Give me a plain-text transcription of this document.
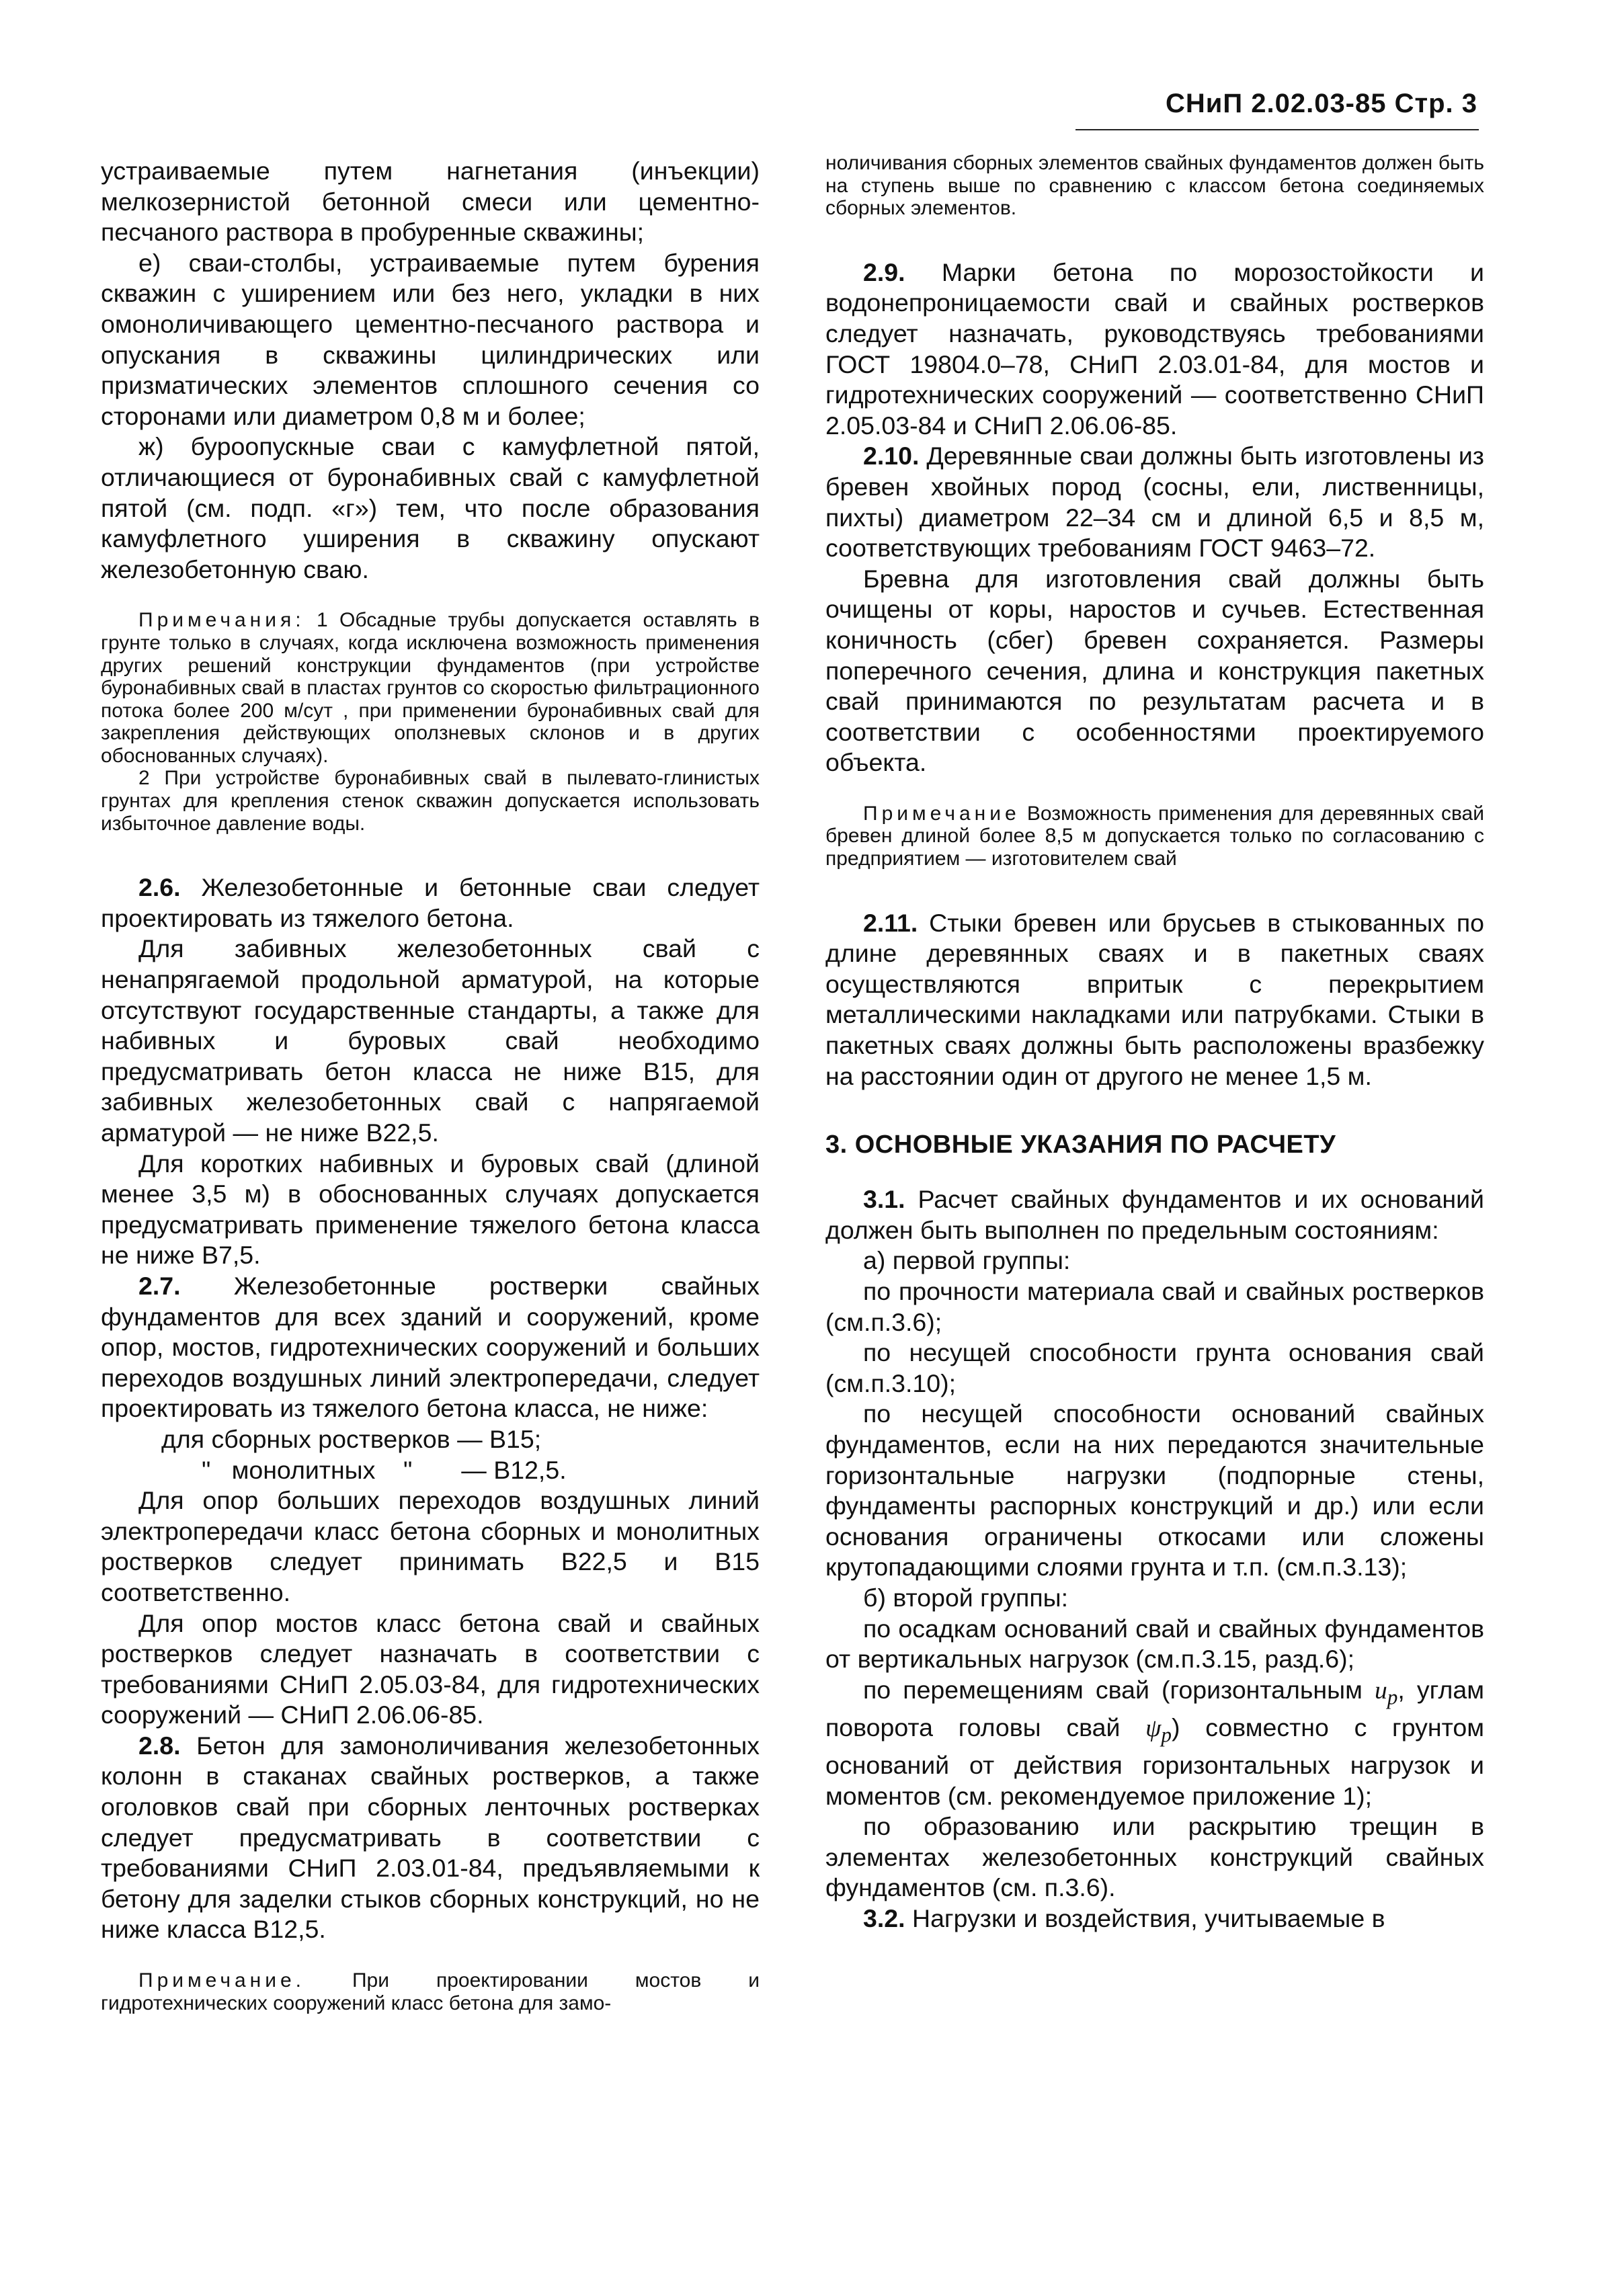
СНиП 2.02.03-85 Стр. 3

устраиваемые путем нагнетания (инъекции) мелкозернистой бетонной смеси или цементно-песчаного раствора в пробуренные скважины;

е) сваи-столбы, устраиваемые путем бурения скважин с уширением или без него, укладки в них омоноличивающего цементно-песчаного раствора и опускания в скважины цилиндрических или призматических элементов сплошного сечения со сторонами или диаметром 0,8 м и более;

ж) буроопускные сваи с камуфлетной пятой, отличающиеся от буронабивных свай с камуфлетной пятой (см. подп. «г») тем, что после образования камуфлетного уширения в скважину опускают железобетонную сваю.

Примечания: 1 Обсадные трубы допускается оставлять в грунте только в случаях, когда исключена возможность применения других решений конструкции фундаментов (при устройстве буронабивных свай в пластах грунтов со скоростью фильтрационного потока более 200 м/сут , при применении буронабивных свай для закрепления действующих оползневых склонов и в других обоснованных случаях).

2 При устройстве буронабивных свай в пылевато-глинистых грунтах для крепления стенок скважин допускается использовать избыточное давление воды.

2.6. Железобетонные и бетонные сваи следует проектировать из тяжелого бетона.

Для забивных железобетонных свай с ненапрягаемой продольной арматурой, на которые отсутствуют государственные стандарты, а также для набивных и буровых свай необходимо предусматривать бетон класса не ниже В15, для забивных железобетонных свай с напрягаемой арматурой — не ниже В22,5.

Для коротких набивных и буровых свай (длиной менее 3,5 м) в обоснованных случаях допускается предусматривать применение тяжелого бетона класса не ниже В7,5.

2.7. Железобетонные ростверки свайных фундаментов для всех зданий и сооружений, кроме опор, мостов, гидротехнических сооружений и больших переходов воздушных линий электропередачи, следует проектировать из тяжелого бетона класса, не ниже:

для сборных ростверков — В15;

"   монолитных    "       — В12,5.

Для опор больших переходов воздушных линий электропередачи класс бетона сборных и монолитных ростверков следует принимать В22,5 и В15 соответственно.

Для опор мостов класс бетона свай и свайных ростверков следует назначать в соответствии с требованиями СНиП 2.05.03-84, для гидротехнических сооружений — СНиП 2.06.06-85.

2.8. Бетон для замоноличивания железобетонных колонн в стаканах свайных ростверков, а также оголовков свай при сборных ленточных ростверках следует предусматривать в соответствии с требованиями СНиП 2.03.01-84, предъявляемыми к бетону для заделки стыков сборных конструкций, но не ниже класса В12,5.

Примечание. При проектировании мостов и гидротехнических сооружений класс бетона для замо-

ноличивания сборных элементов свайных фундаментов должен быть на ступень выше по сравнению с классом бетона соединяемых сборных элементов.

2.9. Марки бетона по морозостойкости и водонепроницаемости свай и свайных ростверков следует назначать, руководствуясь требованиями ГОСТ 19804.0–78, СНиП 2.03.01-84, для мостов и гидротехнических сооружений — соответственно СНиП 2.05.03-84 и СНиП 2.06.06-85.

2.10. Деревянные сваи должны быть изготовлены из бревен хвойных пород (сосны, ели, лиственницы, пихты) диаметром 22–34 см и длиной 6,5 и 8,5 м, соответствующих требованиям ГОСТ 9463–72.

Бревна для изготовления свай должны быть очищены от коры, наростов и сучьев. Естественная коничность (сбег) бревен сохраняется. Размеры поперечного сечения, длина и конструкция пакетных свай принимаются по результатам расчета и в соответствии с особенностями проектируемого объекта.

Примечание Возможность применения для деревянных свай бревен длиной более 8,5 м допускается только по согласованию с предприятием — изготовителем свай

2.11. Стыки бревен или брусьев в стыкованных по длине деревянных сваях и в пакетных сваях осуществляются впритык с перекрытием металлическими накладками или патрубками. Стыки в пакетных сваях должны быть расположены вразбежку на расстоянии один от другого не менее 1,5 м.

3. ОСНОВНЫЕ УКАЗАНИЯ ПО РАСЧЕТУ

3.1. Расчет свайных фундаментов и их оснований должен быть выполнен по предельным состояниям:

а) первой группы:

по прочности материала свай и свайных ростверков (см.п.3.6);

по несущей способности грунта основания свай (см.п.3.10);

по несущей способности оснований свайных фундаментов, если на них передаются значительные горизонтальные нагрузки (подпорные стены, фундаменты распорных конструкций и др.) или если основания ограничены откосами или сложены крутопадающими слоями грунта и т.п. (см.п.3.13);

б) второй группы:

по осадкам оснований свай и свайных фундаментов от вертикальных нагрузок (см.п.3.15, разд.6);

по перемещениям свай (горизонтальным $u_p$, углам поворота головы свай $\psi_p$) совместно с грунтом оснований от действия горизонтальных нагрузок и моментов (см. рекомендуемое приложение 1);

по образованию или раскрытию трещин в элементах железобетонных конструкций свайных фундаментов (см. п.3.6).

3.2. Нагрузки и воздействия, учитываемые в
